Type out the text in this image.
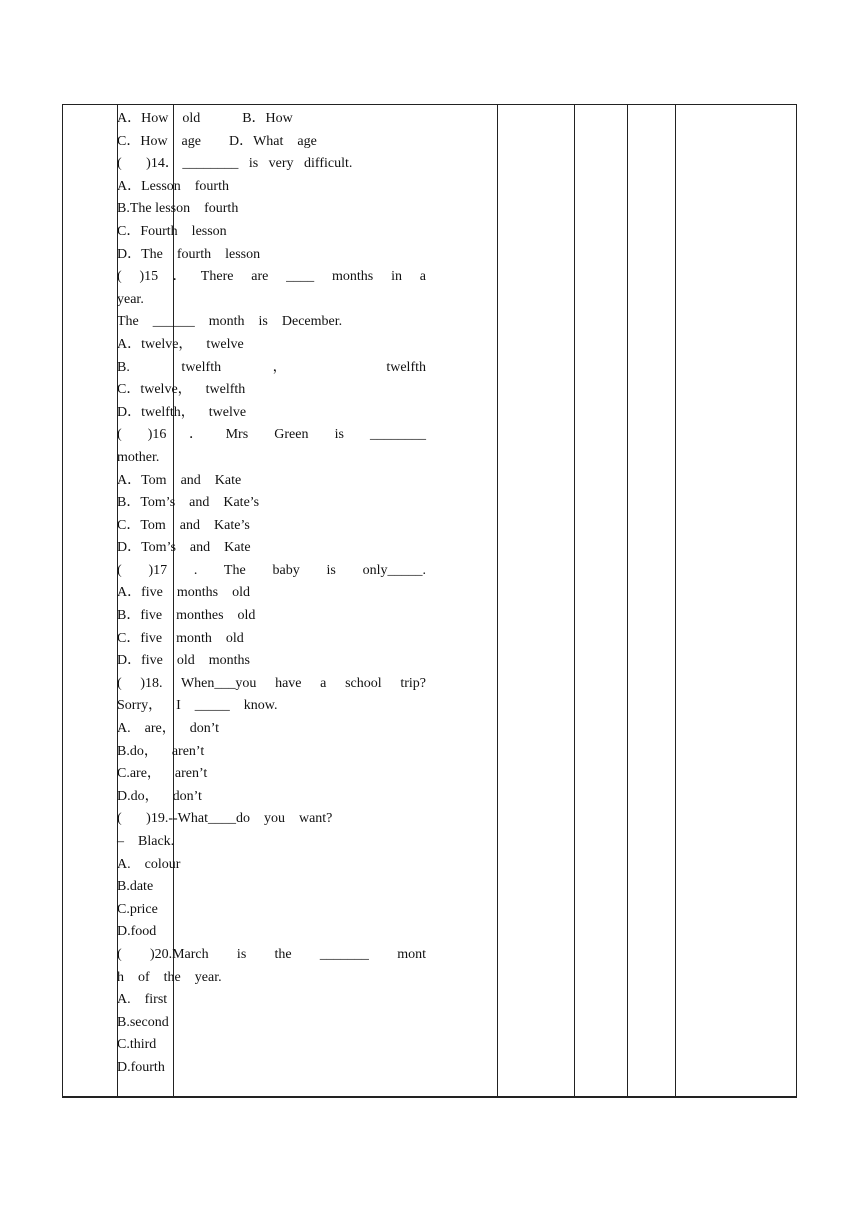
A．How    old            B．How
C．How    age        D．What    age
(       )14． ________   is   very   difficult.
A．Lesson    fourth
B.The lesson    fourth
C．Fourth    lesson
D．The    fourth    lesson
( )15．There are ____ months in a
year.
The    ______    month    is    December.
A．twelve，    twelve
B. twelfth ， twelfth
C．twelve，    twelfth
D．twelfth，    twelve
( )16．Mrs Green is ________
mother.
A．Tom    and    Kate
B．Tom’s    and    Kate’s
C．Tom    and    Kate’s
D．Tom’s    and    Kate
( )17 . The baby is only_____.
A．five    months    old
B．five    monthes    old
C．five    month    old
D．five    old    months
( )18. When___you have a school trip?
Sorry，    I    _____    know.
A.    are，    don’t
B.do，    aren’t
C.are，    aren’t
D.do，    don’t
(       )19.--What____do    you    want?
–    Black.
A.    colour
B.date
C.price
D.food
( )20.March is the _______ mont
h    of    the    year.
A.    first
B.second
C.third
D.fourth
